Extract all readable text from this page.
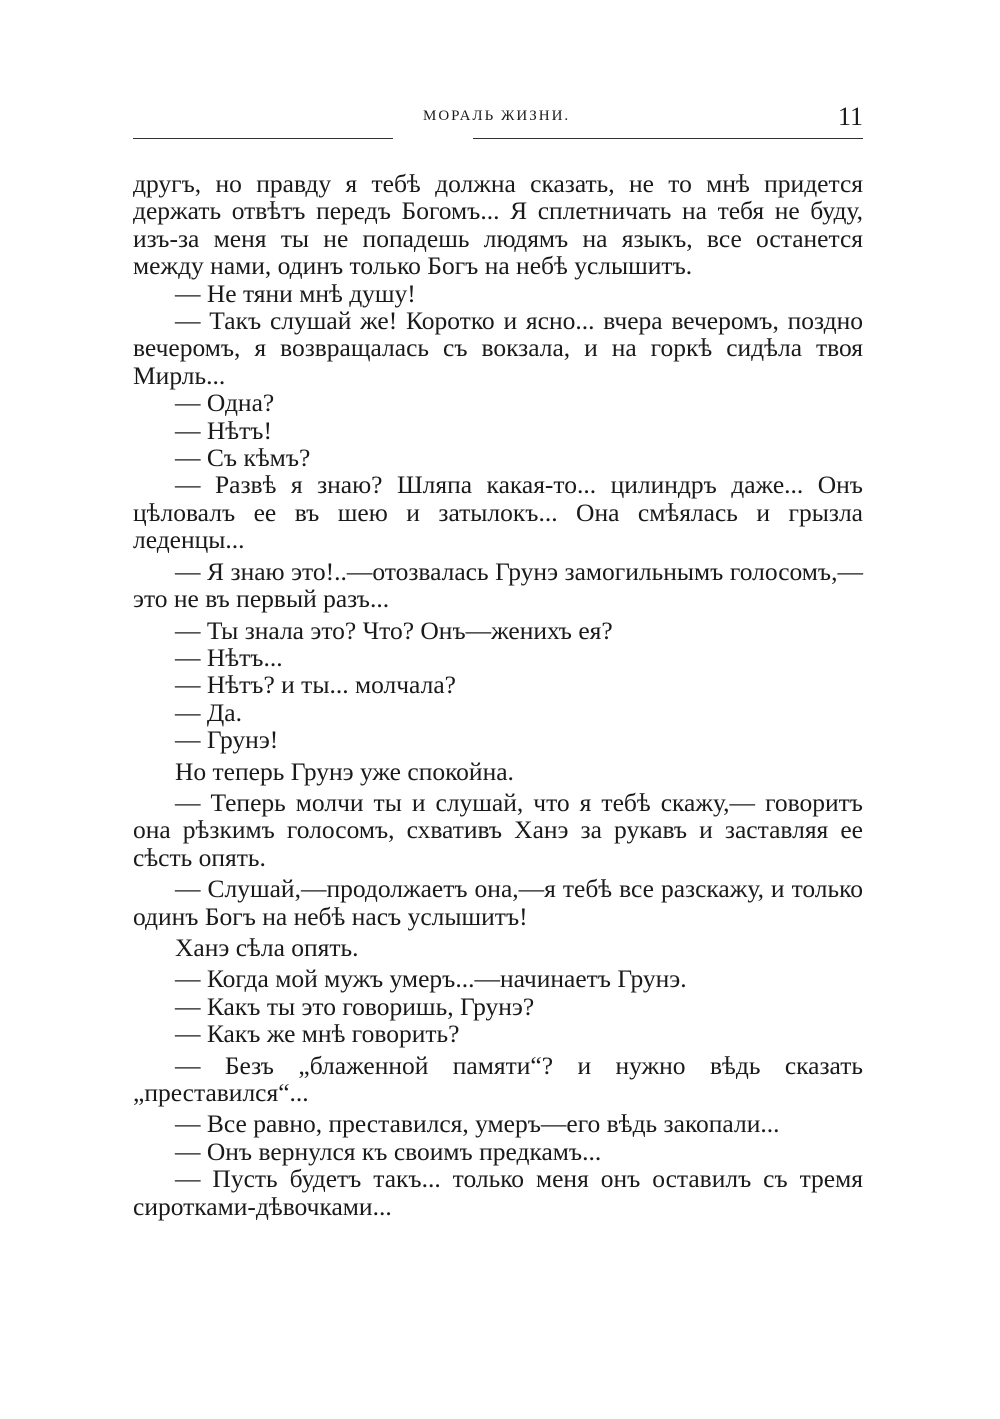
МОРАЛЬ ЖИЗНИ.	11

другъ, но правду я тебѣ должна сказать, не то мнѣ придется держать отвѣтъ передъ Богомъ... Я сплетничать на тебя не буду, изъ-за меня ты не попадешь людямъ на языкъ, все останется между нами, одинъ только Богъ на небѣ услышитъ.

— Не тяни мнѣ душу!

— Такъ слушай же! Коротко и ясно... вчера вечеромъ, поздно вечеромъ, я возвращалась съ вокзала, и на горкѣ сидѣла твоя Мирль...

— Одна?

— Нѣтъ!

— Съ кѣмъ?

— Развѣ я знаю? Шляпа какая-то... цилиндръ даже... Онъ цѣловалъ ее въ шею и затылокъ... Она смѣялась и грызла леденцы...

— Я знаю это!..—отозвалась Грунэ замогильнымъ голосомъ,—это не въ первый разъ...

— Ты знала это? Что? Онъ—женихъ ея?

— Нѣтъ...

— Нѣтъ? и ты... молчала?

— Да.

— Грунэ!

Но теперь Грунэ уже спокойна.

— Теперь молчи ты и слушай, что я тебѣ скажу,— говоритъ она рѣзкимъ голосомъ, схвативъ Ханэ за рукавъ и заставляя ее сѣсть опять.

— Слушай,—продолжаетъ она,—я тебѣ все разскажу, и только одинъ Богъ на небѣ насъ услышитъ!

Ханэ сѣла опять.

— Когда мой мужъ умеръ...—начинаетъ Грунэ.

— Какъ ты это говоришь, Грунэ?

— Какъ же мнѣ говорить?

— Безъ „блаженной памяти“? и нужно вѣдь сказать „преставился“...

— Все равно, преставился, умеръ—его вѣдь закопали...

— Онъ вернулся къ своимъ предкамъ...

— Пусть будетъ такъ... только меня онъ оставилъ съ тремя сиротками-дѣвочками...
